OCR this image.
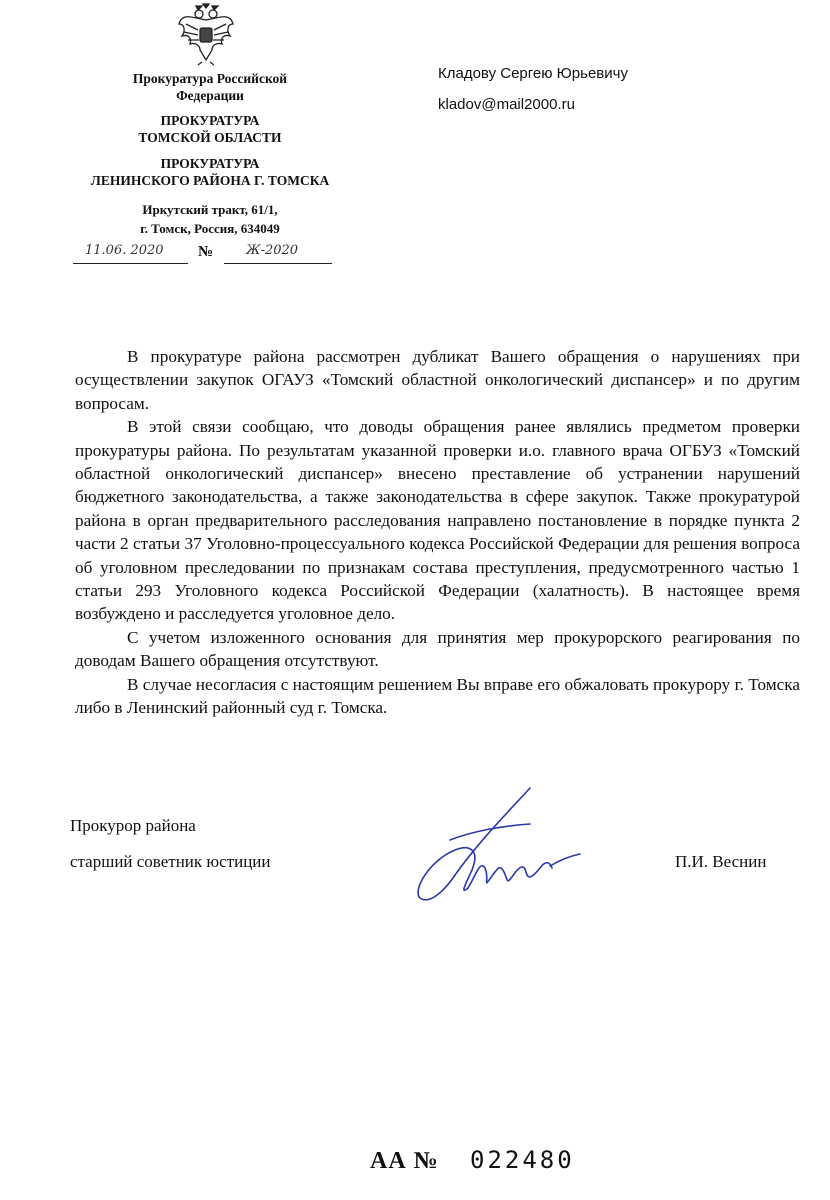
Прокуратура Российской
Федерации
ПРОКУРАТУРА
ТОМСКОЙ ОБЛАСТИ
ПРОКУРАТУРА
ЛЕНИНСКОГО РАЙОНА Г. ТОМСКА
Иркутский тракт, 61/1,
г. Томск, Россия, 634049
11.06. 2020	№	Ж-2020
Кладову Сергею Юрьевичу
kladov@mail2000.ru

В прокуратуре района рассмотрен дубликат Вашего обращения о нарушениях при осуществлении закупок ОГАУЗ «Томский областной онкологический диспансер» и по другим вопросам.

В этой связи сообщаю, что доводы обращения ранее являлись предметом проверки прокуратуры района. По результатам указанной проверки и.о. главного врача ОГБУЗ «Томский областной онкологический диспансер» внесено преставление об устранении нарушений бюджетного законодательства, а также законодательства в сфере закупок. Также прокуратурой района в орган предварительного расследования направлено постановление в порядке пункта 2 части 2 статьи 37 Уголовно-процессуального кодекса Российской Федерации для решения вопроса об уголовном преследовании по признакам состава преступления, предусмотренного частью 1 статьи 293 Уголовного кодекса Российской Федерации (халатность). В настоящее время возбуждено и расследуется уголовное дело.

С учетом изложенного основания для принятия мер прокурорского реагирования по доводам Вашего обращения отсутствуют.

В случае несогласия с настоящим решением Вы вправе его обжаловать прокурору г. Томска либо в Ленинский районный суд г. Томска.

Прокурор района
старший советник юстиции	П.И. Веснин
АА № 022480
